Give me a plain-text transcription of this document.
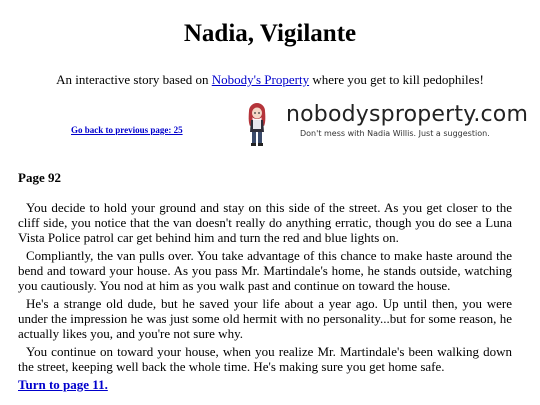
Nadia, Vigilante

An interactive story based on Nobody's Property where you get to kill pedophiles!

Go back to previous page: 25
nobodysproperty.com
Don't mess with Nadia Willis. Just a suggestion.

Page 92

You decide to hold your ground and stay on this side of the street. As you get closer to the cliff side, you notice that the van doesn't really do anything erratic, though you do see a Luna Vista Police patrol car get behind him and turn the red and blue lights on.

Compliantly, the van pulls over. You take advantage of this chance to make haste around the bend and toward your house. As you pass Mr. Martindale's home, he stands outside, watching you cautiously. You nod at him as you walk past and continue on toward the house.

He's a strange old dude, but he saved your life about a year ago. Up until then, you were under the impression he was just some old hermit with no personality...but for some reason, he actually likes you, and you're not sure why.

You continue on toward your house, when you realize Mr. Martindale's been walking down the street, keeping well back the whole time. He's making sure you get home safe.

Turn to page 11.
